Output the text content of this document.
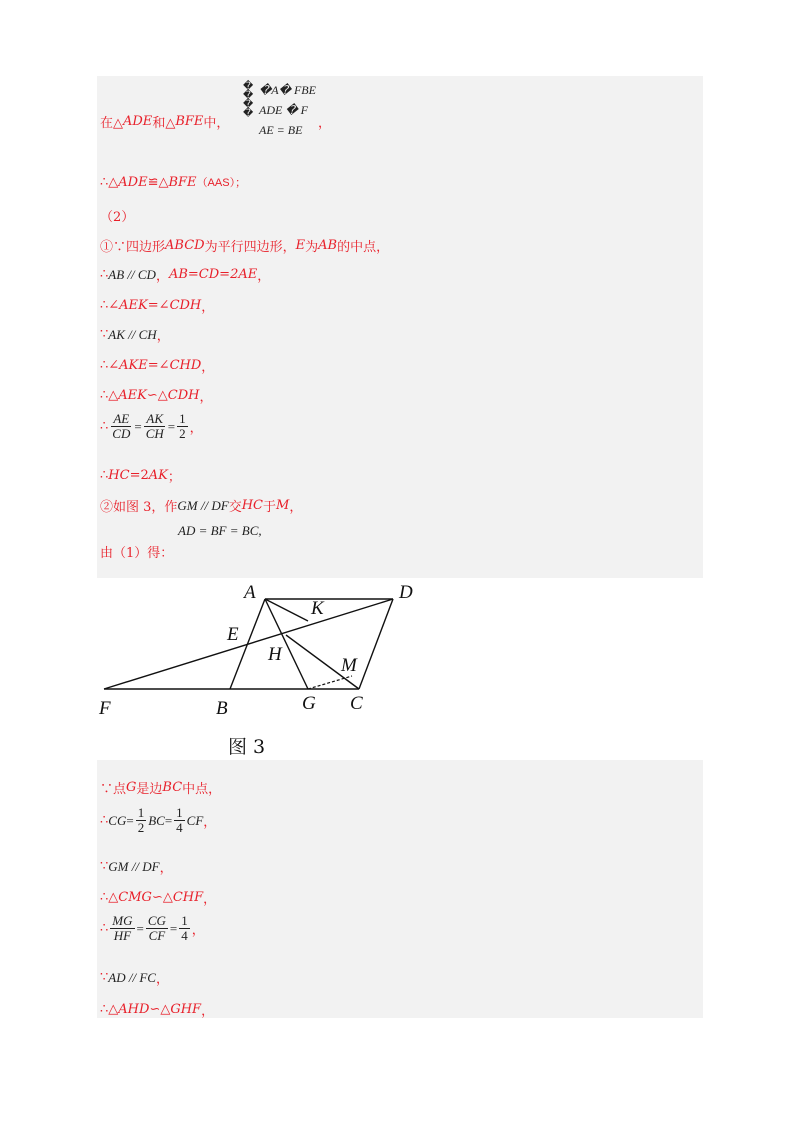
在△ ADE 和△ BFE 中，
�
�
�
�
�A� FBE
ADE � F
AE = BE	，
∴△ ADE ≌△ BFE （AAS）；
（2）
①∵四边形 ABCD 为平行四边形， E 为 AB 的中点，
∴ AB // CD ， AB=CD=2AE ，
∴∠ AEK =∠ CDH ，
∵ AK // CH ，
∴∠ AKE =∠ CHD ，
∴△ AEK ∽△ CDH ，
∴ $\frac{AE}{CD} = \frac{AK}{CH} = \frac{1}{2}$ ，
∴ HC =2 AK ；
②如图 3，作 GM // DF 交 HC 于 M ，
AD = BF = BC,
由（1）得：
A	D
K
E
H
M
F	B	G C
图 3
∵点 G 是边 BC 中点，
∴ CG = $\frac{1}{2}$ BC = $\frac{1}{4}$ CF ，
∵ GM // DF ，
∴△ CMG ∽△ CHF ，
∴ $\frac{MG}{HF} = \frac{CG}{CF} = \frac{1}{4}$ ，
∵ AD // FC ，
∴△ AHD ∽△ GHF ，
